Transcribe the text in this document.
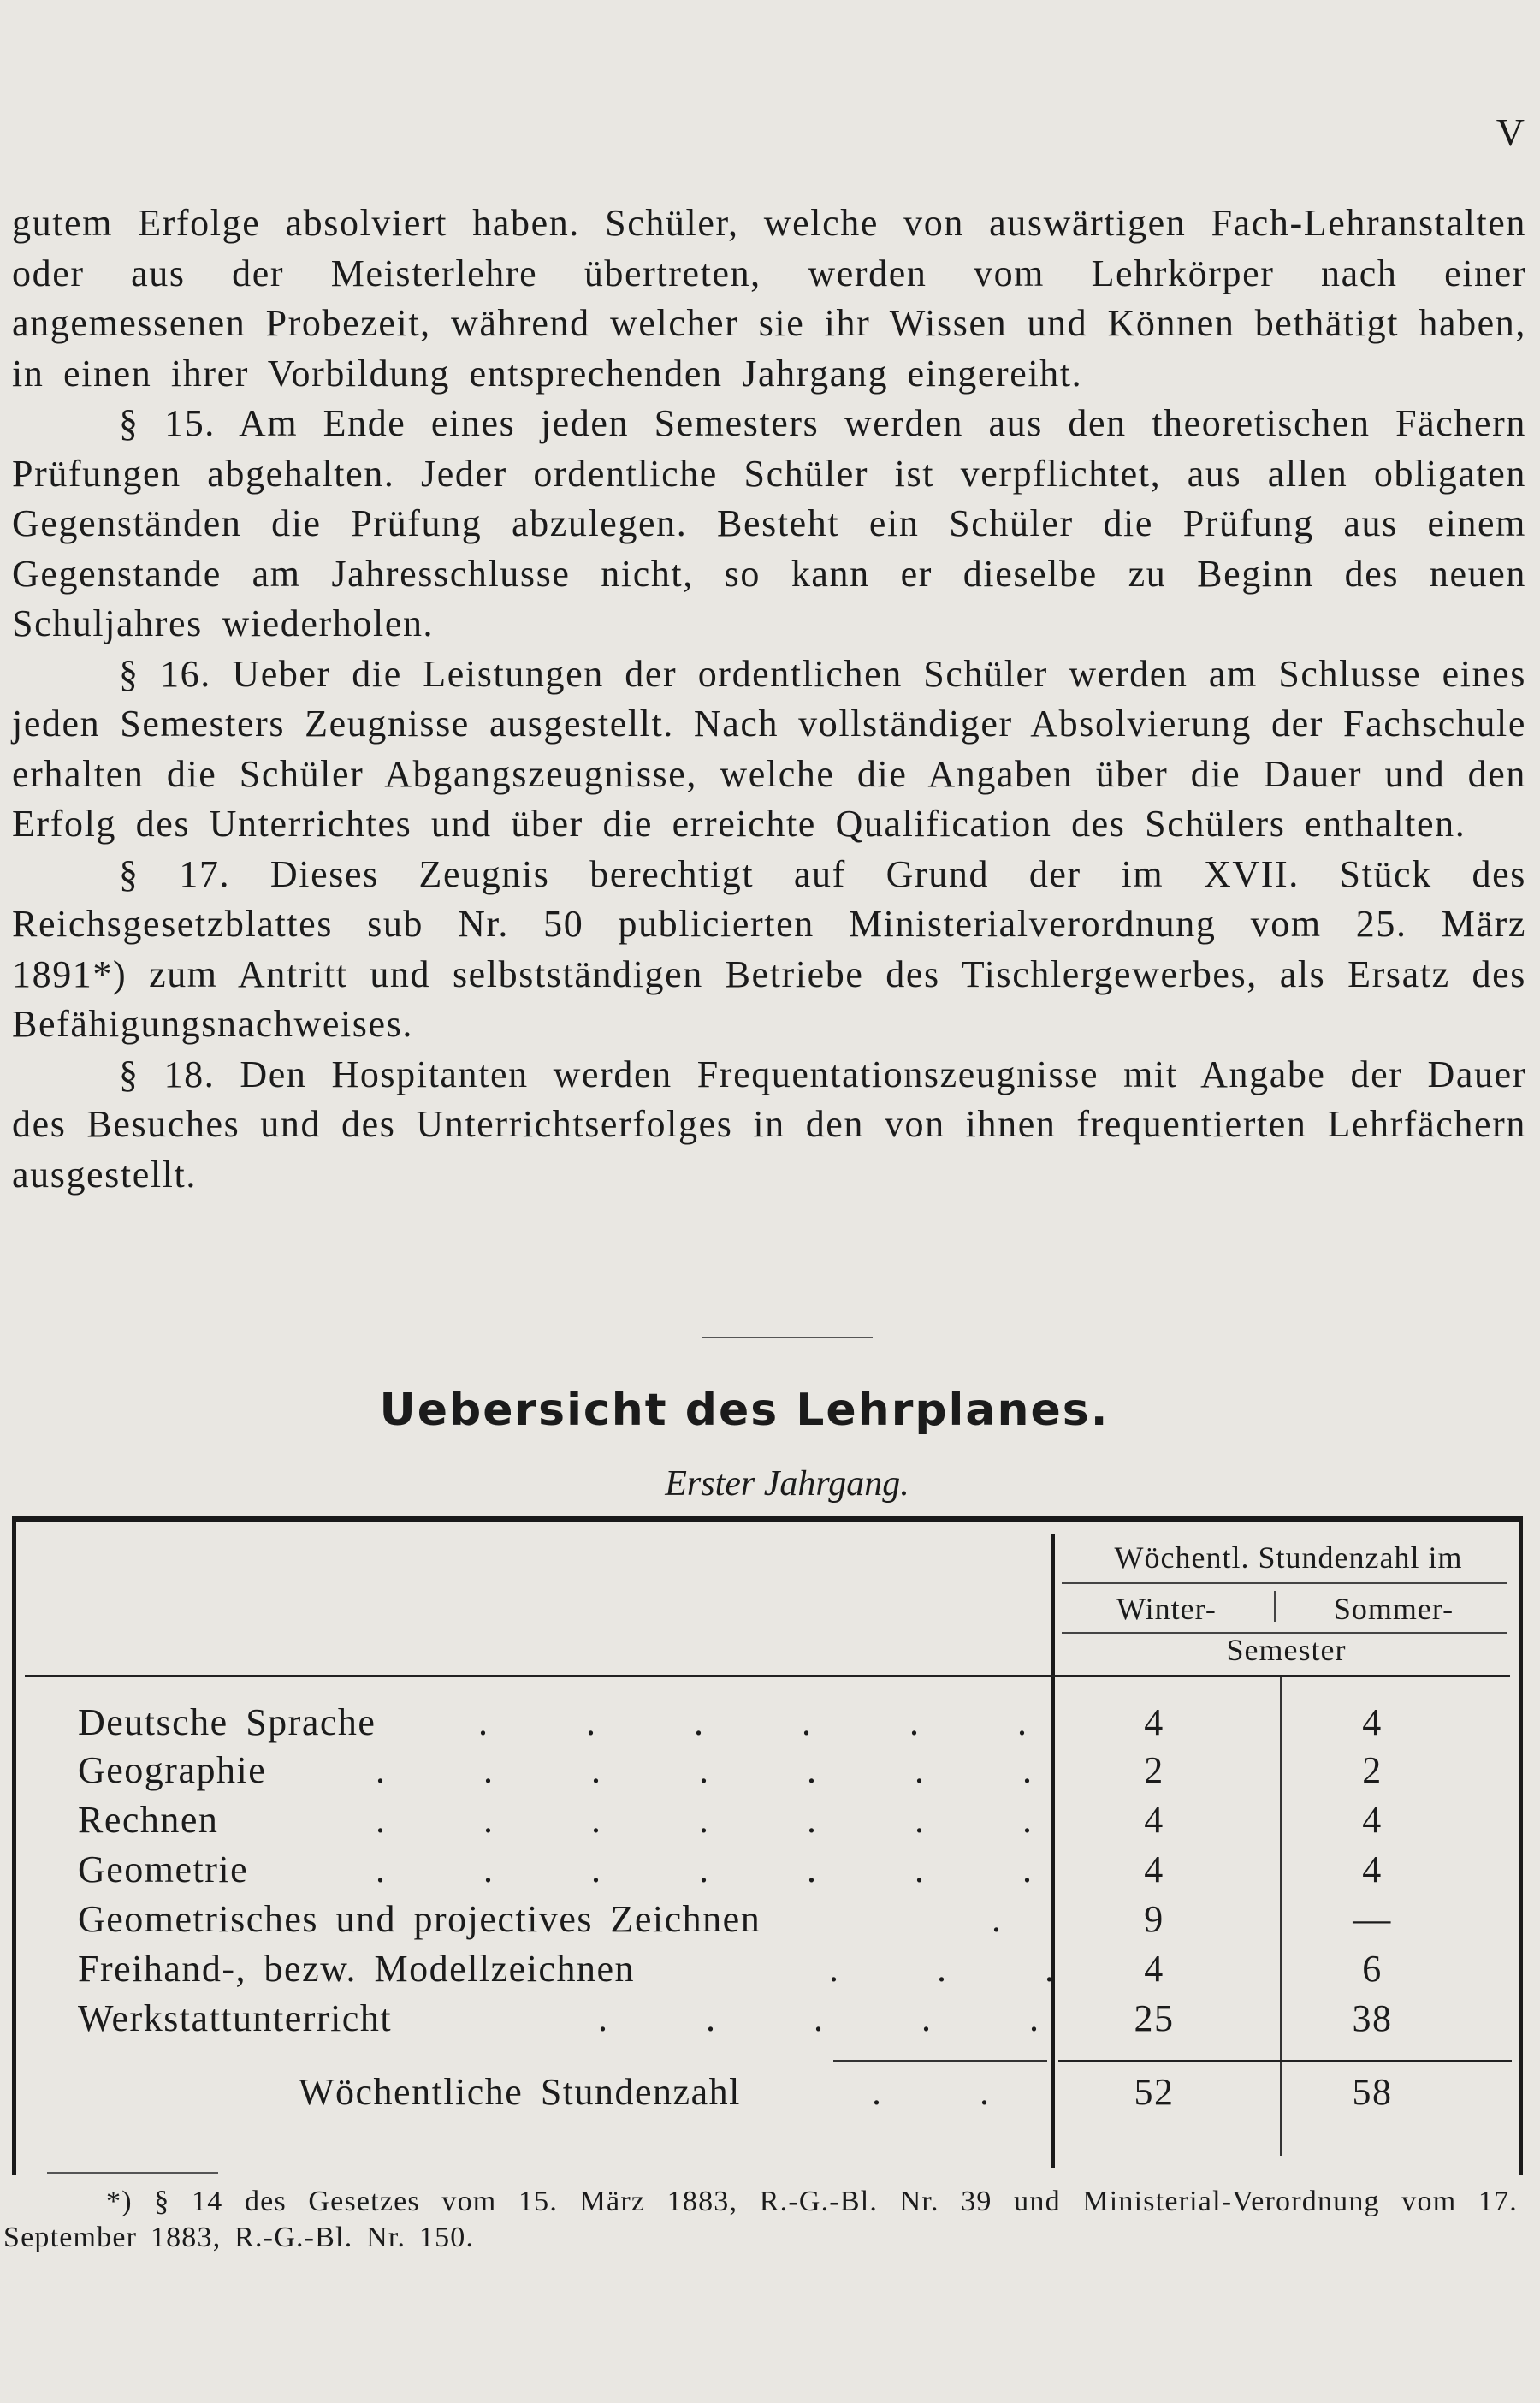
V

gutem Erfolge absolviert haben. Schüler, welche von auswärtigen Fach-Lehranstalten oder aus der Meisterlehre übertreten, werden vom Lehrkörper nach einer angemessenen Probezeit, während welcher sie ihr Wissen und Können bethätigt haben, in einen ihrer Vorbildung entsprechenden Jahrgang eingereiht.

§ 15. Am Ende eines jeden Semesters werden aus den theoretischen Fächern Prüfungen abgehalten. Jeder ordentliche Schüler ist verpflichtet, aus allen obligaten Gegenständen die Prüfung abzulegen. Besteht ein Schüler die Prüfung aus einem Gegenstande am Jahresschlusse nicht, so kann er dieselbe zu Beginn des neuen Schuljahres wiederholen.

§ 16. Ueber die Leistungen der ordentlichen Schüler werden am Schlusse eines jeden Semesters Zeugnisse ausgestellt. Nach vollständiger Absolvierung der Fachschule erhalten die Schüler Abgangszeugnisse, welche die Angaben über die Dauer und den Erfolg des Unterrichtes und über die erreichte Qualification des Schülers enthalten.

§ 17. Dieses Zeugnis berechtigt auf Grund der im XVII. Stück des Reichsgesetzblattes sub Nr. 50 publicierten Ministerialverordnung vom 25. März 1891*) zum Antritt und selbstständigen Betriebe des Tischlergewerbes, als Ersatz des Befähigungsnachweises.

§ 18. Den Hospitanten werden Frequentationszeugnisse mit Angabe der Dauer des Besuches und des Unterrichtserfolges in den von ihnen frequentierten Lehrfächern ausgestellt.

Uebersicht des Lehrplanes.
Erster Jahrgang.
Wöchentl. Stundenzahl im
Winter-	Sommer-
Semester
Deutsche Sprache	. . . . . .	4	4
Geographie	. . . . . . .	2	2
Rechnen	. . . . . . .	4	4
Geometrie	. . . . . . .	4	4
Geometrisches und projectives Zeichnen	.	9	—
Freihand-, bezw. Modellzeichnen	. . .	4	6
Werkstattunterricht	. . . . .	25	38
Wöchentliche Stundenzahl	. .	52	58

*) § 14 des Gesetzes vom 15. März 1883, R.-G.-Bl. Nr. 39 und Ministerial-Verordnung vom 17. September 1883, R.-G.-Bl. Nr. 150.
